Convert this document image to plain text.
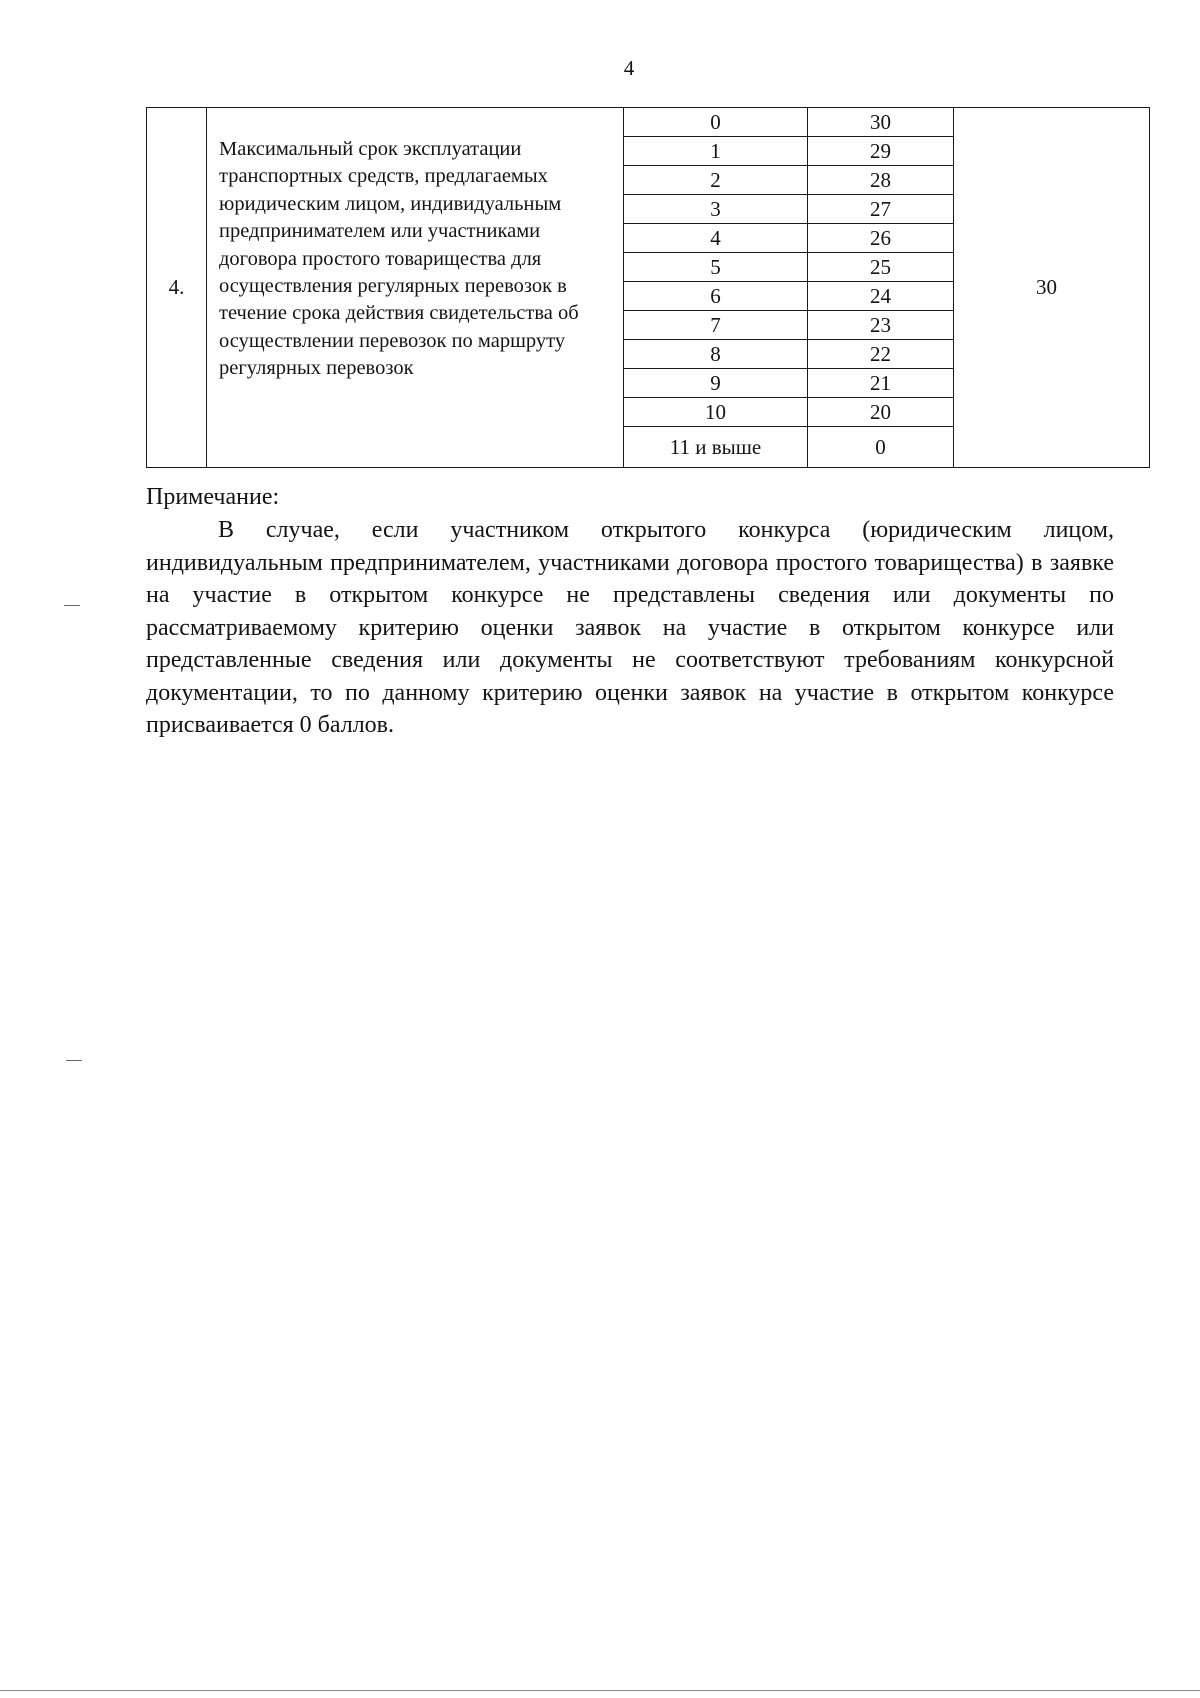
4
4.	Максимальный срок эксплуатации транспортных средств, предлагаемых юридическим лицом, индивидуальным предпринимателем или участниками договора простого товарищества для осуществления регулярных перевозок в течение срока действия свидетельства об осуществлении перевозок по маршруту регулярных перевозок	0	30	30
		1	29	
		2	28	
		3	27	
		4	26	
		5	25	
		6	24	
		7	23	
		8	22	
		9	21	
		10	20	
		11 и выше	0	
Примечание:

В случае, если участником открытого конкурса (юридическим лицом, индивидуальным предпринимателем, участниками договора простого товарищества) в заявке на участие в открытом конкурсе не представлены сведения или документы по рассматриваемому критерию оценки заявок на участие в открытом конкурсе или представленные сведения или документы не соответствуют требованиям конкурсной документации, то по данному критерию оценки заявок на участие в открытом конкурсе присваивается 0 баллов.
